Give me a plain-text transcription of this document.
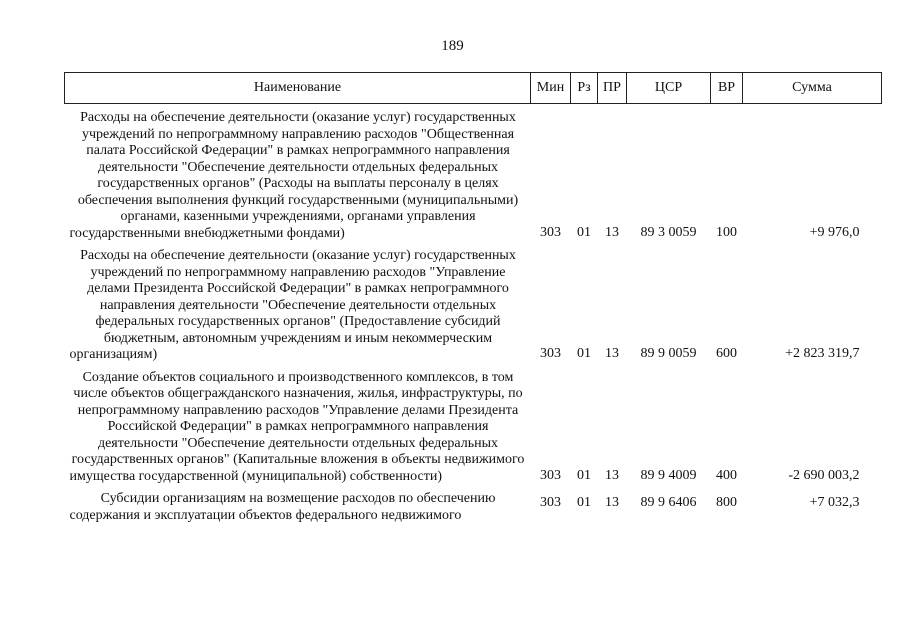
189
Наименование	Мин	Рз	ПР	ЦСР	ВР	Сумма
Расходы на обеспечение деятельности (оказание услуг) государственных учреждений по непрограммному направлению расходов "Общественная палата Российской Федерации" в рамках непрограммного направления деятельности "Обеспечение деятельности отдельных федеральных государственных органов" (Расходы на выплаты персоналу в целях обеспечения выполнения функций государственными (муниципальными) органами, казенными учреждениями, органами управления государственными внебюджетными фондами)	303	01	13	89 3 0059	100	+9 976,0
Расходы на обеспечение деятельности (оказание услуг) государственных учреждений по непрограммному направлению расходов "Управление делами Президента Российской Федерации" в рамках непрограммного направления деятельности "Обеспечение деятельности отдельных федеральных государственных органов" (Предоставление субсидий бюджетным, автономным учреждениям и иным некоммерческим организациям)	303	01	13	89 9 0059	600	+2 823 319,7
Создание объектов социального и производственного комплексов, в том числе объектов общегражданского назначения, жилья, инфраструктуры, по непрограммному направлению расходов "Управление делами Президента Российской Федерации" в рамках непрограммного направления деятельности "Обеспечение деятельности отдельных федеральных государственных органов" (Капитальные вложения в объекты недвижимого имущества государственной (муниципальной) собственности)	303	01	13	89 9 4009	400	-2 690 003,2
Субсидии организациям на возмещение расходов по обеспечению содержания и эксплуатации объектов федерального недвижимого	303	01	13	89 9 6406	800	+7 032,3
